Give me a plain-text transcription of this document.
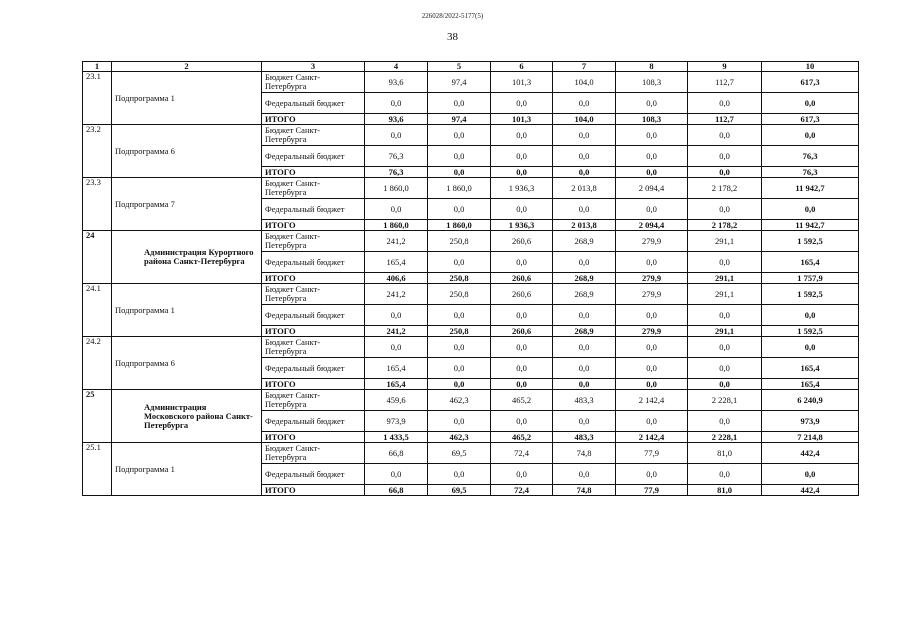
226028/2022-5177(5)
38
1	2	3	4	5	6	7	8	9	10
23.1	Подпрограмма 1	Бюджет Санкт-Петербурга	93,6	97,4	101,3	104,0	108,3	112,7	617,3
		Федеральный бюджет	0,0	0,0	0,0	0,0	0,0	0,0	0,0
		ИТОГО	93,6	97,4	101,3	104,0	108,3	112,7	617,3
23.2	Подпрограмма 6	Бюджет Санкт-Петербурга	0,0	0,0	0,0	0,0	0,0	0,0	0,0
		Федеральный бюджет	76,3	0,0	0,0	0,0	0,0	0,0	76,3
		ИТОГО	76,3	0,0	0,0	0,0	0,0	0,0	76,3
23.3	Подпрограмма 7	Бюджет Санкт-Петербурга	1 860,0	1 860,0	1 936,3	2 013,8	2 094,4	2 178,2	11 942,7
		Федеральный бюджет	0,0	0,0	0,0	0,0	0,0	0,0	0,0
		ИТОГО	1 860,0	1 860,0	1 936,3	2 013,8	2 094,4	2 178,2	11 942,7
24	Администрация Курортного района Санкт-Петербурга	Бюджет Санкт-Петербурга	241,2	250,8	260,6	268,9	279,9	291,1	1 592,5
		Федеральный бюджет	165,4	0,0	0,0	0,0	0,0	0,0	165,4
		ИТОГО	406,6	250,8	260,6	268,9	279,9	291,1	1 757,9
24.1	Подпрограмма 1	Бюджет Санкт-Петербурга	241,2	250,8	260,6	268,9	279,9	291,1	1 592,5
		Федеральный бюджет	0,0	0,0	0,0	0,0	0,0	0,0	0,0
		ИТОГО	241,2	250,8	260,6	268,9	279,9	291,1	1 592,5
24.2	Подпрограмма 6	Бюджет Санкт-Петербурга	0,0	0,0	0,0	0,0	0,0	0,0	0,0
		Федеральный бюджет	165,4	0,0	0,0	0,0	0,0	0,0	165,4
		ИТОГО	165,4	0,0	0,0	0,0	0,0	0,0	165,4
25	Администрация Московского района Санкт-Петербурга	Бюджет Санкт-Петербурга	459,6	462,3	465,2	483,3	2 142,4	2 228,1	6 240,9
		Федеральный бюджет	973,9	0,0	0,0	0,0	0,0	0,0	973,9
		ИТОГО	1 433,5	462,3	465,2	483,3	2 142,4	2 228,1	7 214,8
25.1	Подпрограмма 1	Бюджет Санкт-Петербурга	66,8	69,5	72,4	74,8	77,9	81,0	442,4
		Федеральный бюджет	0,0	0,0	0,0	0,0	0,0	0,0	0,0
		ИТОГО	66,8	69,5	72,4	74,8	77,9	81,0	442,4
